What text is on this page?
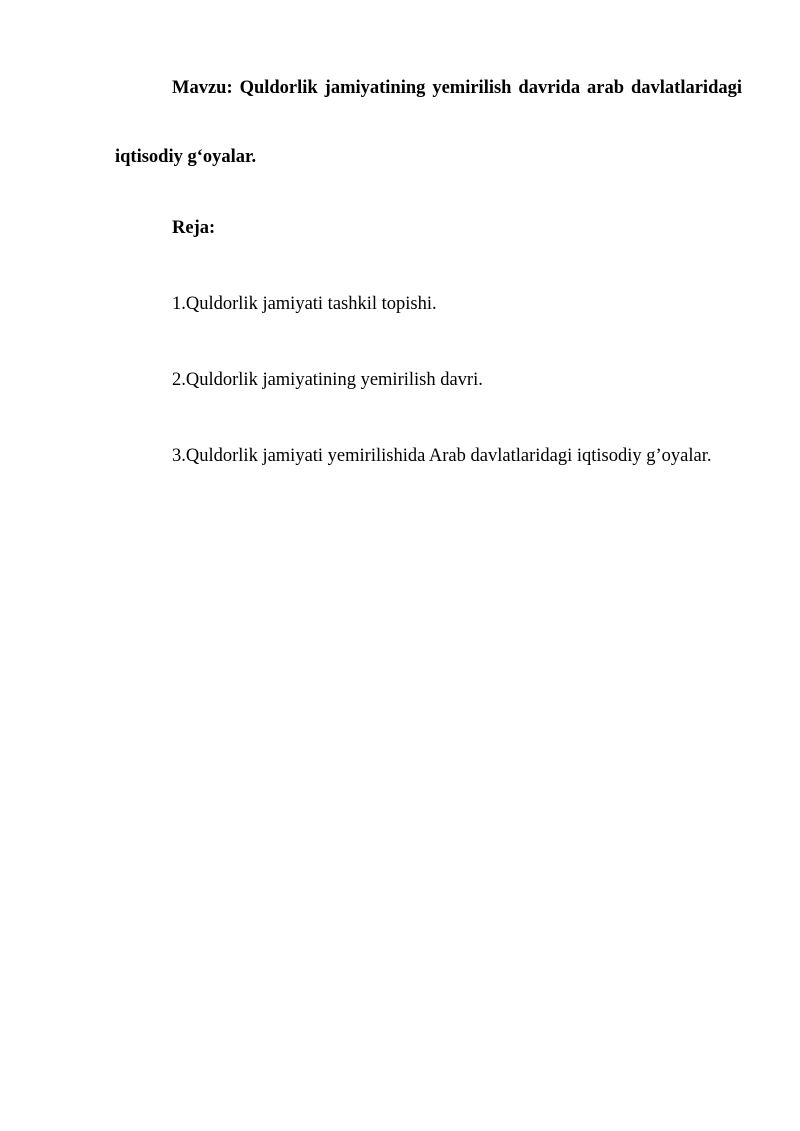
Mavzu: Quldorlik jamiyatining yemirilish davrida arab davlatlaridagi
iqtisodiy g‘oyalar.
Reja:
1.Quldorlik jamiyati tashkil topishi.
2.Quldorlik jamiyatining yemirilish davri.
3.Quldorlik jamiyati yemirilishida Arab davlatlaridagi iqtisodiy g’oyalar.
